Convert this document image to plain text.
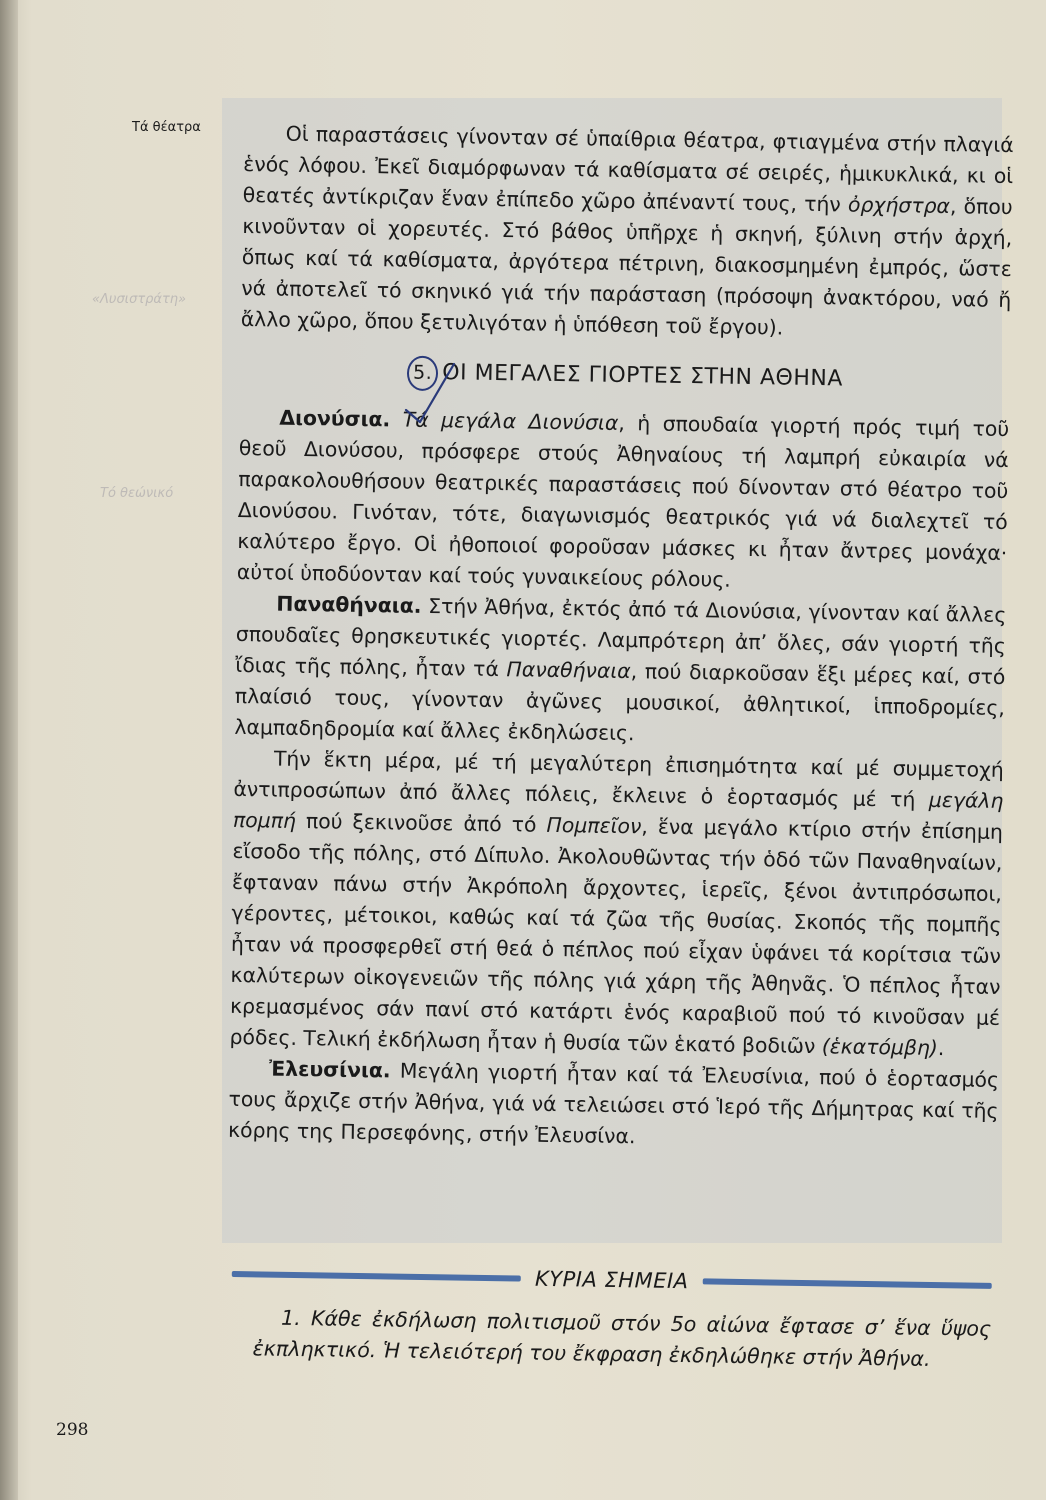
Τά θέατρα
«Λυσιστράτη»
Τό θεώνικό

Οἱ παραστάσεις γίνονταν σέ ὑπαίθρια θέατρα, φτιαγμένα στήν πλαγιά ἑνός λόφου. Ἐκεῖ διαμόρφωναν τά καθίσματα σέ σειρές, ἡμικυκλικά, κι οἱ θεατές ἀντίκριζαν ἕναν ἐπίπεδο χῶρο ἀπέναντί τους, τήν ὀρχήστρα, ὅπου κινοῦνταν οἱ χορευτές. Στό βάθος ὑπῆρχε ἡ σκηνή, ξύλινη στήν ἀρχή, ὅπως καί τά καθίσματα, ἀργότερα πέτρινη, διακοσμημένη ἐμπρός, ὥστε νά ἀποτελεῖ τό σκηνικό γιά τήν παράσταση (πρόσοψη ἀνακτόρου, ναό ἤ ἄλλο χῶρο, ὅπου ξετυλιγόταν ἡ ὑπόθεση τοῦ ἔργου).

5. ΟΙ ΜΕΓΑΛΕΣ ΓΙΟΡΤΕΣ ΣΤΗΝ ΑΘΗΝΑ

Διονύσια. Τά μεγάλα Διονύσια, ἡ σπουδαία γιορτή πρός τιμή τοῦ θεοῦ Διονύσου, πρόσφερε στούς Ἀθηναίους τή λαμπρή εὐκαιρία νά παρακολουθήσουν θεατρικές παραστάσεις πού δίνονταν στό θέατρο τοῦ Διονύσου. Γινόταν, τότε, διαγωνισμός θεατρικός γιά νά διαλεχτεῖ τό καλύτερο ἔργο. Οἱ ἠθοποιοί φοροῦσαν μάσκες κι ἦταν ἄντρες μονάχα· αὐτοί ὑποδύονταν καί τούς γυναικείους ρόλους.

Παναθήναια. Στήν Ἀθήνα, ἐκτός ἀπό τά Διονύσια, γίνονταν καί ἄλλες σπουδαῖες θρησκευτικές γιορτές. Λαμπρότερη ἀπ’ ὅλες, σάν γιορτή τῆς ἴδιας τῆς πόλης, ἦταν τά Παναθήναια, πού διαρκοῦσαν ἕξι μέρες καί, στό πλαίσιό τους, γίνονταν ἀγῶνες μουσικοί, ἀθλητικοί, ἱπποδρομίες, λαμπαδηδρομία καί ἄλλες ἐκδηλώσεις.

Τήν ἕκτη μέρα, μέ τή μεγαλύτερη ἐπισημότητα καί μέ συμμετοχή ἀντιπροσώπων ἀπό ἄλλες πόλεις, ἔκλεινε ὁ ἑορτασμός μέ τή μεγάλη πομπή πού ξεκινοῦσε ἀπό τό Πομπεῖον, ἕνα μεγάλο κτίριο στήν ἐπίσημη εἴσοδο τῆς πόλης, στό Δίπυλο. Ἀκολουθῶντας τήν ὁδό τῶν Παναθηναίων, ἔφταναν πάνω στήν Ἀκρόπολη ἄρχοντες, ἱερεῖς, ξένοι ἀντιπρόσωποι, γέροντες, μέτοικοι, καθώς καί τά ζῶα τῆς θυσίας. Σκοπός τῆς πομπῆς ἦταν νά προσφερθεῖ στή θεά ὁ πέπλος πού εἶχαν ὑφάνει τά κορίτσια τῶν καλύτερων οἰκογενειῶν τῆς πόλης γιά χάρη τῆς Ἀθηνᾶς. Ὁ πέπλος ἦταν κρεμασμένος σάν πανί στό κατάρτι ἑνός καραβιοῦ πού τό κινοῦσαν μέ ρόδες. Τελική ἐκδήλωση ἦταν ἡ θυσία τῶν ἑκατό βοδιῶν (ἑκατόμβη).

Ἐλευσίνια. Μεγάλη γιορτή ἦταν καί τά Ἐλευσίνια, πού ὁ ἑορτασμός τους ἄρχιζε στήν Ἀθήνα, γιά νά τελειώσει στό Ἱερό τῆς Δήμητρας καί τῆς κόρης της Περσεφόνης, στήν Ἐλευσίνα.

ΚΥΡΙΑ ΣΗΜΕΙΑ
1. Κάθε ἐκδήλωση πολιτισμοῦ στόν 5ο αἰώνα ἔφτασε σ’ ἕνα ὕψος ἐκπληκτικό. Ἡ τελειότερή του ἔκφραση ἐκδηλώθηκε στήν Ἀθήνα.
298
